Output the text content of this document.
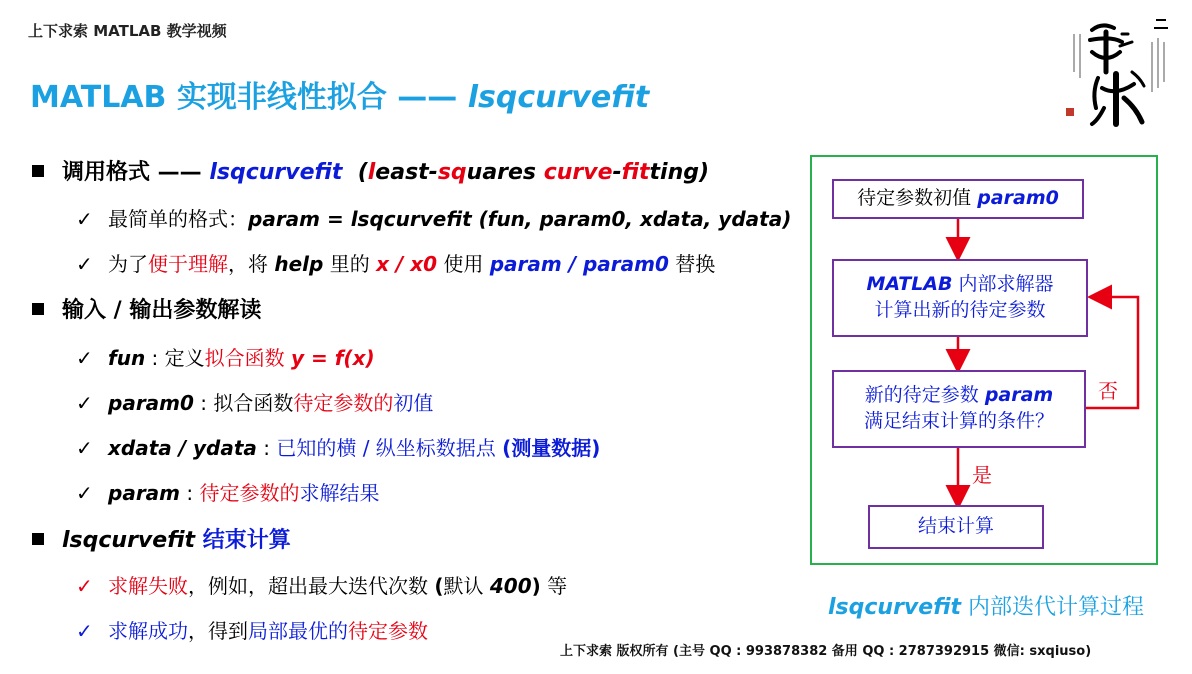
上下求索 MATLAB 教学视频
MATLAB 实现非线性拟合 —— lsqcurvefit
调用格式 —— lsqcurvefit (least-squares curve-fitting)
✓ 最简单的格式：param = lsqcurvefit (fun, param0, xdata, ydata)
✓ 为了便于理解，将 help 里的 x / x0 使用 param / param0 替换
输入 / 输出参数解读
✓ fun : 定义拟合函数 y = f(x)
✓ param0 : 拟合函数待定参数的初值
✓ xdata / ydata : 已知的横 / 纵坐标数据点 (测量数据)
✓ param : 待定参数的求解结果
lsqcurvefit 结束计算
✓ 求解失败，例如，超出最大迭代次数 (默认 400) 等
✓ 求解成功，得到局部最优的待定参数
待定参数初值 param0
MATLAB 内部求解器
计算出新的待定参数
新的待定参数 param
满足结束计算的条件？
结束计算
否
是
lsqcurvefit 内部迭代计算过程
上下求索 版权所有 (主号 QQ : 993878382 备用 QQ : 2787392915 微信: sxqiuso)
